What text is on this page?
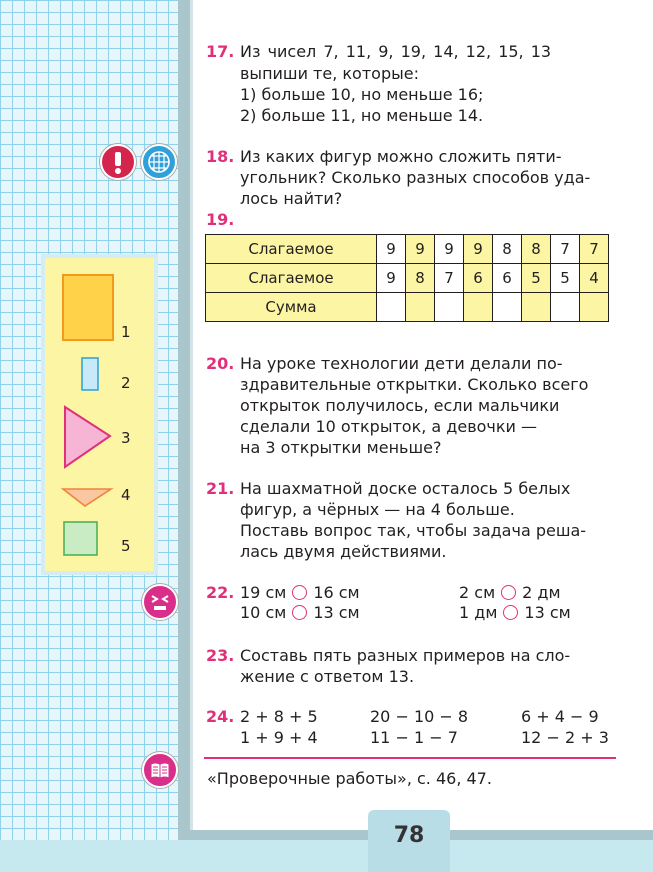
78
1
2
3
4
5
17. Из чисел 7, 11, 9, 19, 14, 12, 15, 13
выпиши те, которые:
1) больше 10, но меньше 16;
2) больше 11, но меньше 14.
18. Из каких фигур можно сложить пяти-
угольник? Сколько разных способов уда-
лось найти?
19.
Слагаемое	9	9	9	9	8	8	7	7
Слагаемое	9	8	7	6	6	5	5	4
Сумма								
20. На уроке технологии дети делали по-
здравительные открытки. Сколько всего
открыток получилось, если мальчики
сделали 10 открыток, а девочки —
на 3 открытки меньше?
21. На шахматной доске осталось 5 белых
фигур, а чёрных — на 4 больше.
Поставь вопрос так, чтобы задача реша-
лась двумя действиями.
22. 19 см 16 см	2 см 2 дм
10 см 13 см	1 дм 13 см
23. Составь пять разных примеров на сло-
жение с ответом 13.
24. 2 + 8 + 5	20 − 10 − 8	6 + 4 − 9
1 + 9 + 4	11 − 1 − 7	12 − 2 + 3
«Проверочные работы», с. 46, 47.
